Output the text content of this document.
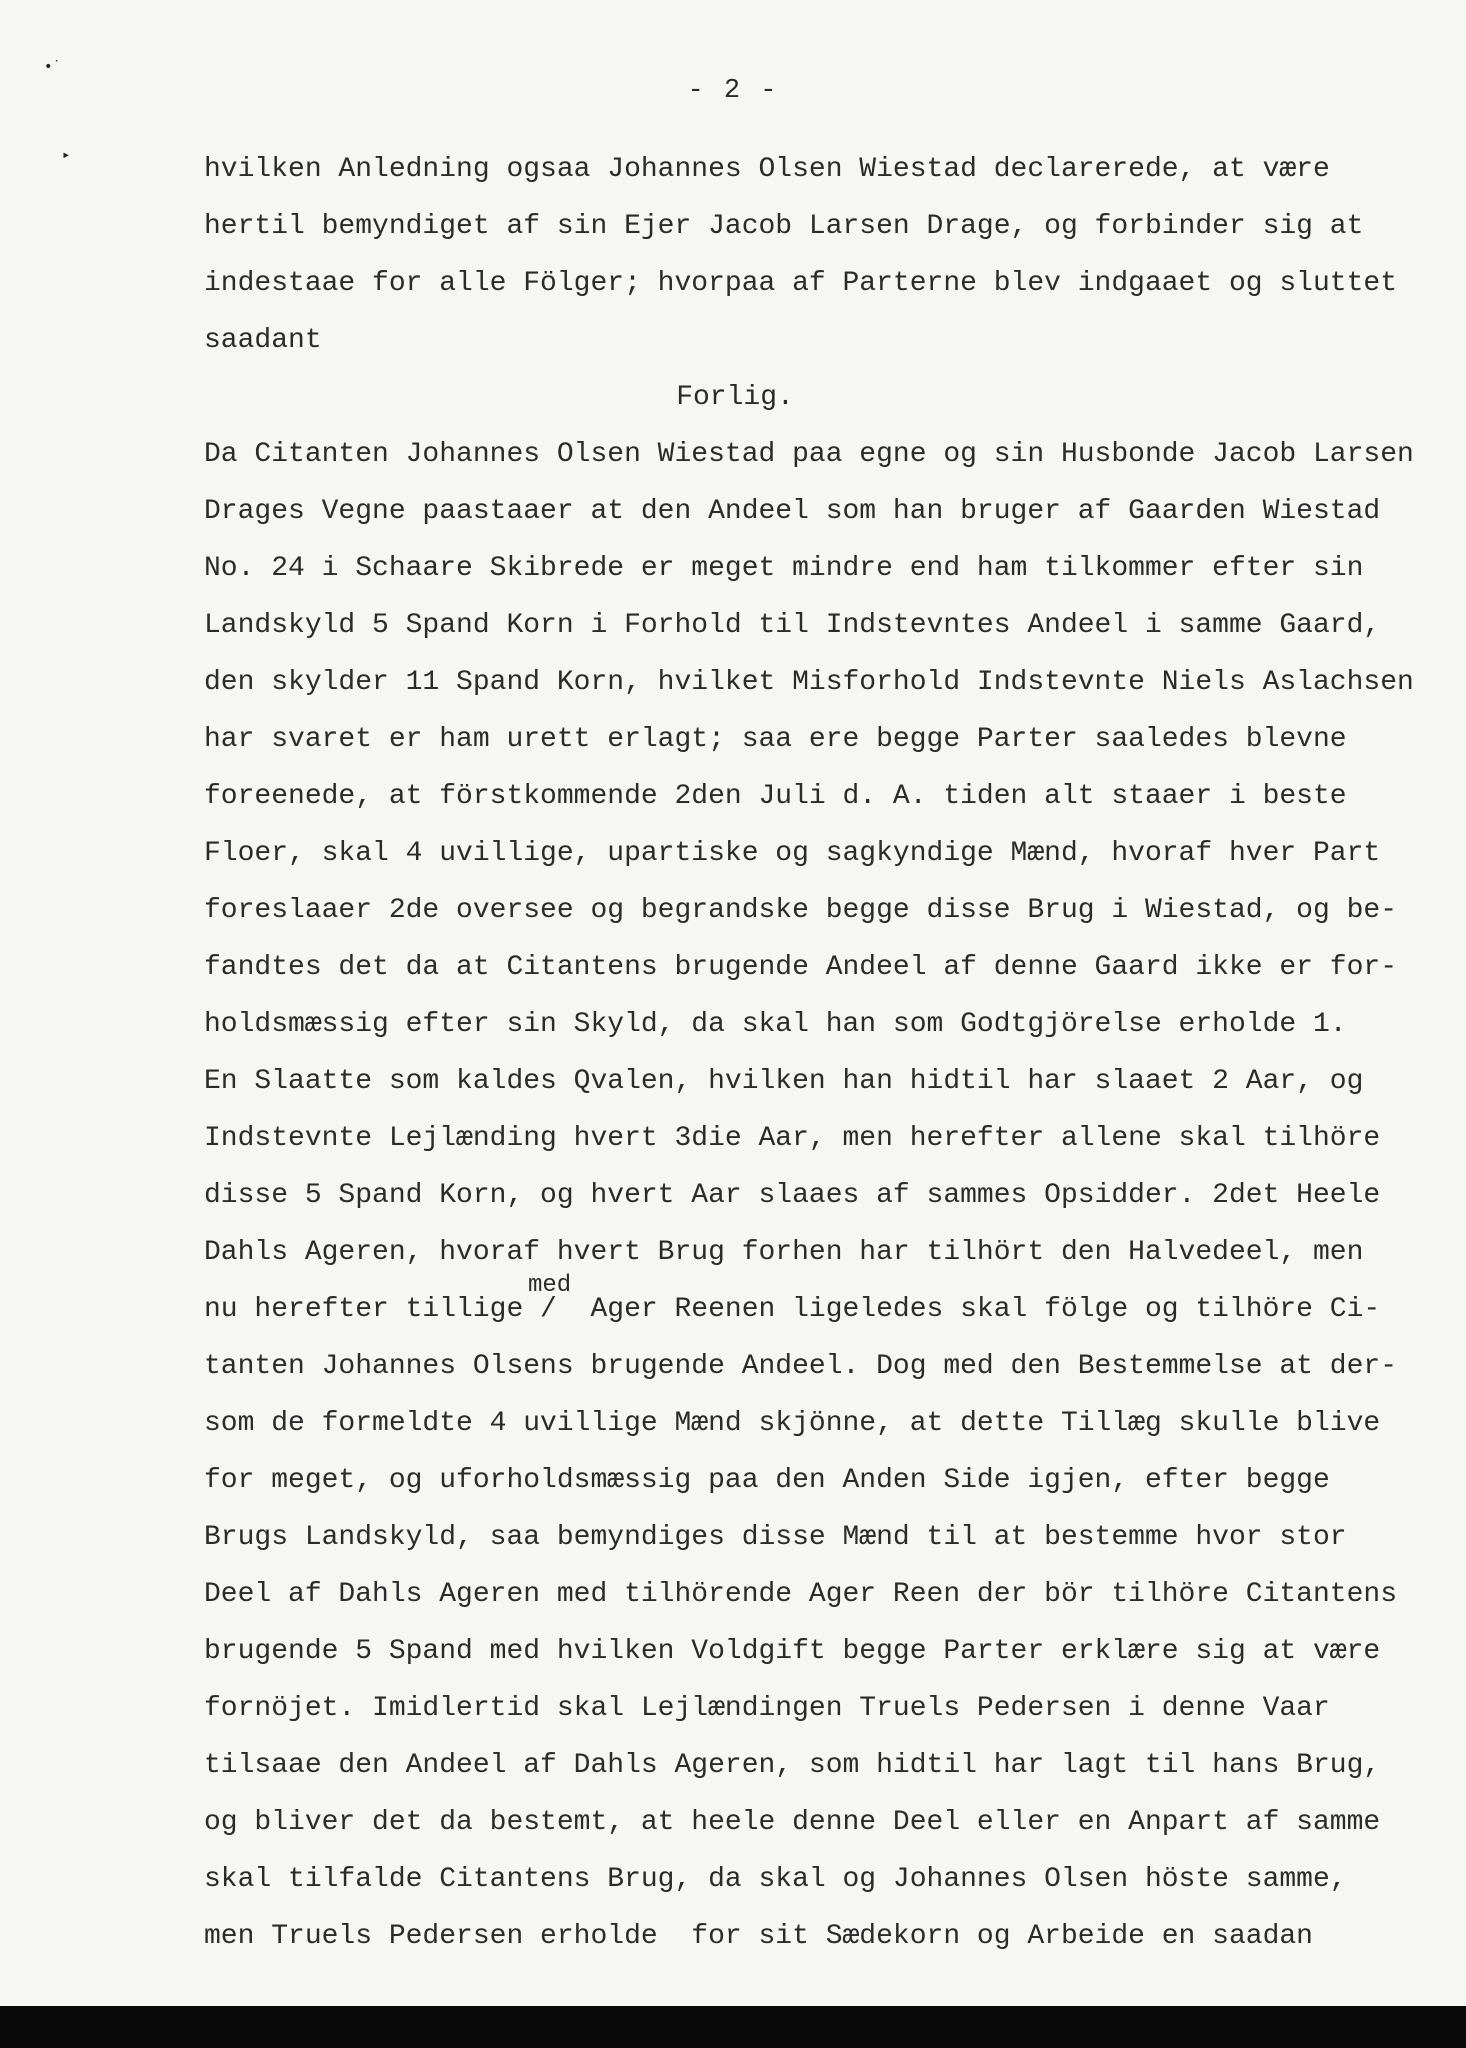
•˙
▸
- 2 -
hvilken Anledning ogsaa Johannes Olsen Wiestad declarerede, at være
hertil bemyndiget af sin Ejer Jacob Larsen Drage, og forbinder sig at
indestaae for alle Fölger; hvorpaa af Parterne blev indgaaet og sluttet
saadant
Forlig.
Da Citanten Johannes Olsen Wiestad paa egne og sin Husbonde Jacob Larsen
Drages Vegne paastaaer at den Andeel som han bruger af Gaarden Wiestad
No. 24 i Schaare Skibrede er meget mindre end ham tilkommer efter sin
Landskyld 5 Spand Korn i Forhold til Indstevntes Andeel i samme Gaard,
den skylder 11 Spand Korn, hvilket Misforhold Indstevnte Niels Aslachsen
har svaret er ham urett erlagt; saa ere begge Parter saaledes blevne
foreenede, at förstkommende 2den Juli d. A. tiden alt staaer i beste
Floer, skal 4 uvillige, upartiske og sagkyndige Mænd, hvoraf hver Part
foreslaaer 2de oversee og begrandske begge disse Brug i Wiestad, og be-
fandtes det da at Citantens brugende Andeel af denne Gaard ikke er for-
holdsmæssig efter sin Skyld, da skal han som Godtgjörelse erholde 1.
En Slaatte som kaldes Qvalen, hvilken han hidtil har slaaet 2 Aar, og
Indstevnte Lejlænding hvert 3die Aar, men herefter allene skal tilhöre
disse 5 Spand Korn, og hvert Aar slaaes af sammes Opsidder. 2det Heele
Dahls Ageren, hvoraf hvert Brug forhen har tilhört den Halvedeel, men
med
nu herefter tillige /  Ager Reenen ligeledes skal fölge og tilhöre Ci-
tanten Johannes Olsens brugende Andeel. Dog med den Bestemmelse at der-
som de formeldte 4 uvillige Mænd skjönne, at dette Tillæg skulle blive
for meget, og uforholdsmæssig paa den Anden Side igjen, efter begge
Brugs Landskyld, saa bemyndiges disse Mænd til at bestemme hvor stor
Deel af Dahls Ageren med tilhörende Ager Reen der bör tilhöre Citantens
brugende 5 Spand med hvilken Voldgift begge Parter erklære sig at være
fornöjet. Imidlertid skal Lejlændingen Truels Pedersen i denne Vaar
tilsaae den Andeel af Dahls Ageren, som hidtil har lagt til hans Brug,
og bliver det da bestemt, at heele denne Deel eller en Anpart af samme
skal tilfalde Citantens Brug, da skal og Johannes Olsen höste samme,
men Truels Pedersen erholde  for sit Sædekorn og Arbeide en saadan
